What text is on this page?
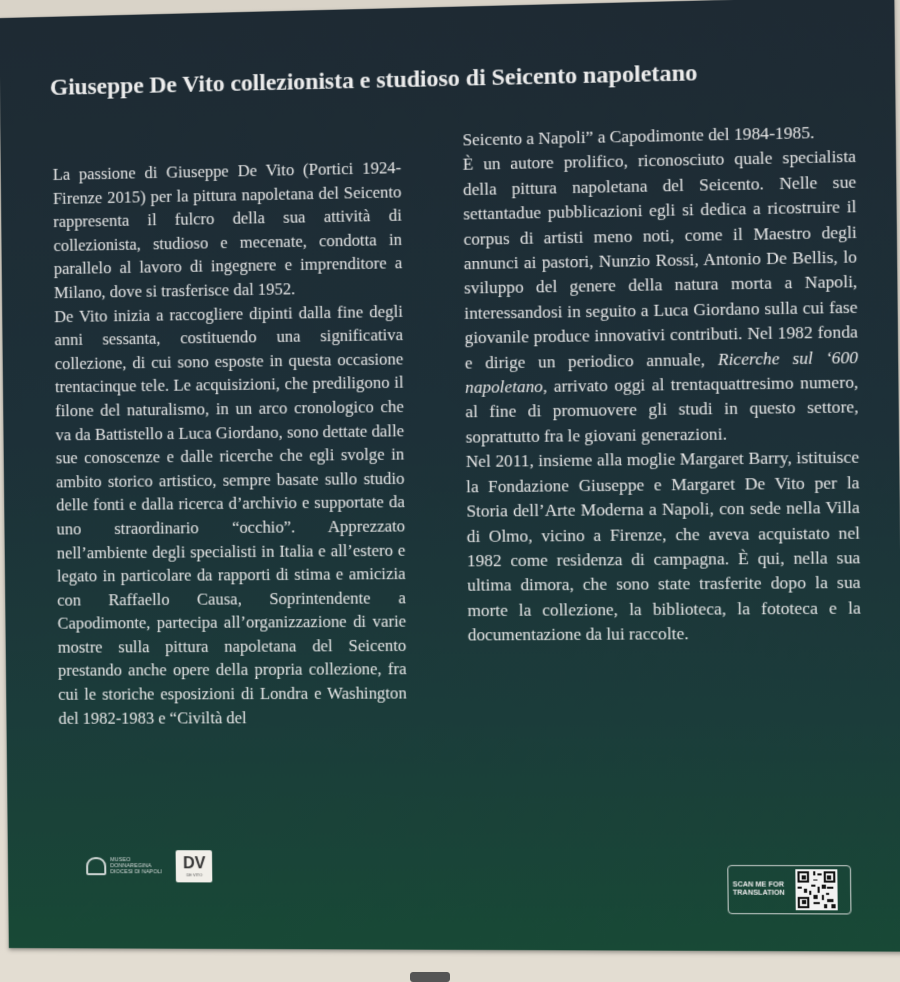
Giuseppe De Vito collezionista e studioso di Seicento napoletano

La passione di Giuseppe De Vito (Portici 1924-Firenze 2015) per la pittura napoletana del Seicento rappresenta il fulcro della sua attività di collezionista, studioso e mecenate, condotta in parallelo al lavoro di ingegnere e imprenditore a Milano, dove si trasferisce dal 1952.

De Vito inizia a raccogliere dipinti dalla fine degli anni sessanta, costituendo una significativa collezione, di cui sono esposte in questa occasione trentacinque tele. Le acquisizioni, che prediligono il filone del naturalismo, in un arco cronologico che va da Battistello a Luca Giordano, sono dettate dalle sue conoscenze e dalle ricerche che egli svolge in ambito storico artistico, sempre basate sullo studio delle fonti e dalla ricerca d’archivio e supportate da uno straordinario “occhio”. Apprezzato nell’ambiente degli specialisti in Italia e all’estero e legato in particolare da rapporti di stima e amicizia con Raffaello Causa, Soprintendente a Capodimonte, partecipa all’organizzazione di varie mostre sulla pittura napoletana del Seicento prestando anche opere della propria collezione, fra cui le storiche esposizioni di Londra e Washington del 1982-1983 e “Civiltà del

Seicento a Napoli” a Capodimonte del 1984-1985.

È un autore prolifico, riconosciuto quale specialista della pittura napoletana del Seicento. Nelle sue settantadue pubblicazioni egli si dedica a ricostruire il corpus di artisti meno noti, come il Maestro degli annunci ai pastori, Nunzio Rossi, Antonio De Bellis, lo sviluppo del genere della natura morta a Napoli, interessandosi in seguito a Luca Giordano sulla cui fase giovanile produce innovativi contributi. Nel 1982 fonda e dirige un periodico annuale, Ricerche sul ‘600 napoletano, arrivato oggi al trentaquattresimo numero, al fine di promuovere gli studi in questo settore, soprattutto fra le giovani generazioni.

Nel 2011, insieme alla moglie Margaret Barry, istituisce la Fondazione Giuseppe e Margaret De Vito per la Storia dell’Arte Moderna a Napoli, con sede nella Villa di Olmo, vicino a Firenze, che aveva acquistato nel 1982 come residenza di campagna. È qui, nella sua ultima dimora, che sono state trasferite dopo la sua morte la collezione, la biblioteca, la fototeca e la documentazione da lui raccolte.

MUSEO
DONNAREGINA
DIOCESI DI NAPOLI
DV
DE VITO
SCAN ME FOR TRANSLATION
